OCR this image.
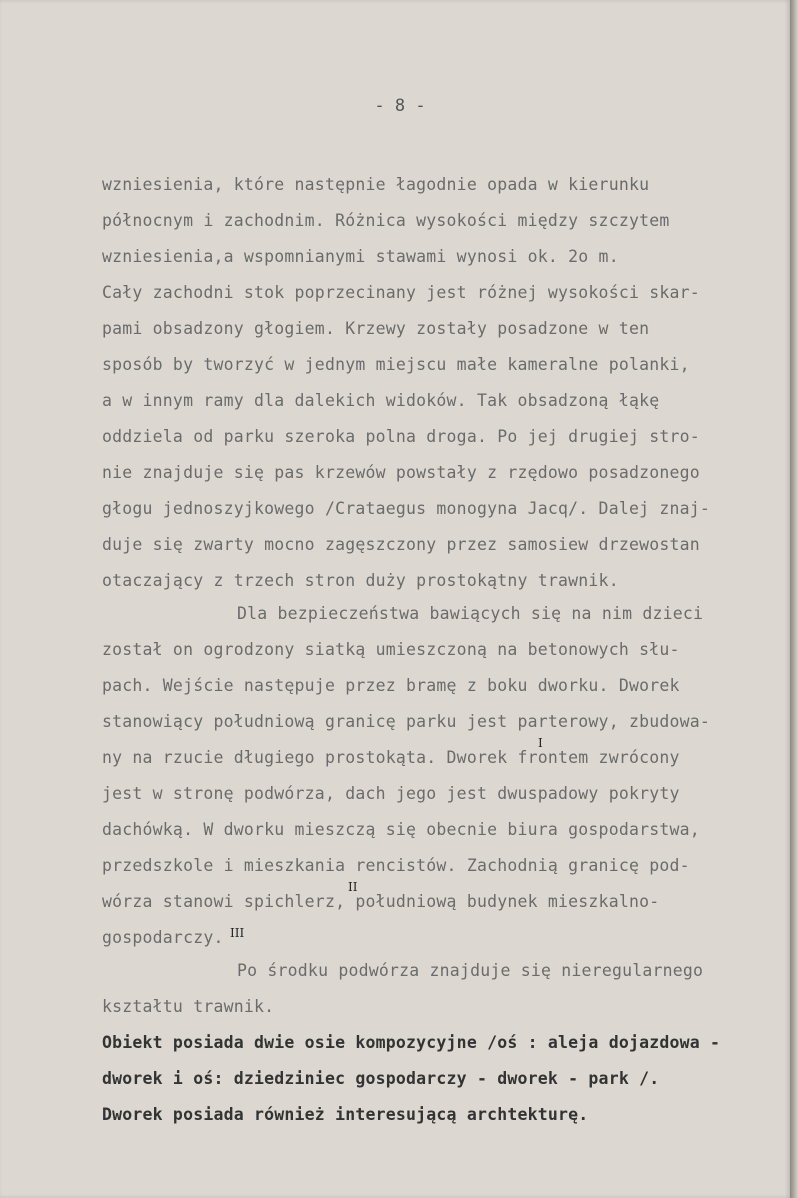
- 8 -
wzniesienia, które następnie łagodnie opada w kierunku
północnym i zachodnim. Różnica wysokości między szczytem
wzniesienia,a wspomnianymi stawami wynosi ok. 2o m.
Cały zachodni stok poprzecinany jest różnej wysokości skar-
pami obsadzony głogiem. Krzewy zostały posadzone w ten
sposób by tworzyć w jednym miejscu małe kameralne polanki,
a w innym ramy dla dalekich widoków. Tak obsadzoną łąkę
oddziela od parku szeroka polna droga. Po jej drugiej stro-
nie znajduje się pas krzewów powstały z rzędowo posadzonego
głogu jednoszyjkowego /Crataegus monogyna Jacq/. Dalej znaj-
duje się zwarty mocno zagęszczony przez samosiew drzewostan
otaczający z trzech stron duży prostokątny trawnik.
Dla bezpieczeństwa bawiących się na nim dzieci
został on ogrodzony siatką umieszczoną na betonowych słu-
pach. Wejście następuje przez bramę z boku dworku. Dworek
stanowiący południową granicę parku jest parterowy, zbudowa-
ny na rzucie długiego prostokąta. Dworek frontem zwrócony
jest w stronę podwórza, dach jego jest dwuspadowy pokryty
dachówką. W dworku mieszczą się obecnie biura gospodarstwa,
przedszkole i mieszkania rencistów. Zachodnią granicę pod-
wórza stanowi spichlerz, południową budynek mieszkalno-
gospodarczy.
Po środku podwórza znajduje się nieregularnego
kształtu trawnik.
Obiekt posiada dwie osie kompozycyjne /oś : aleja dojazdowa -
dworek i oś: dziedziniec gospodarczy - dworek - park /.
Dworek posiada również interesującą archtekturę.
I
II
III
